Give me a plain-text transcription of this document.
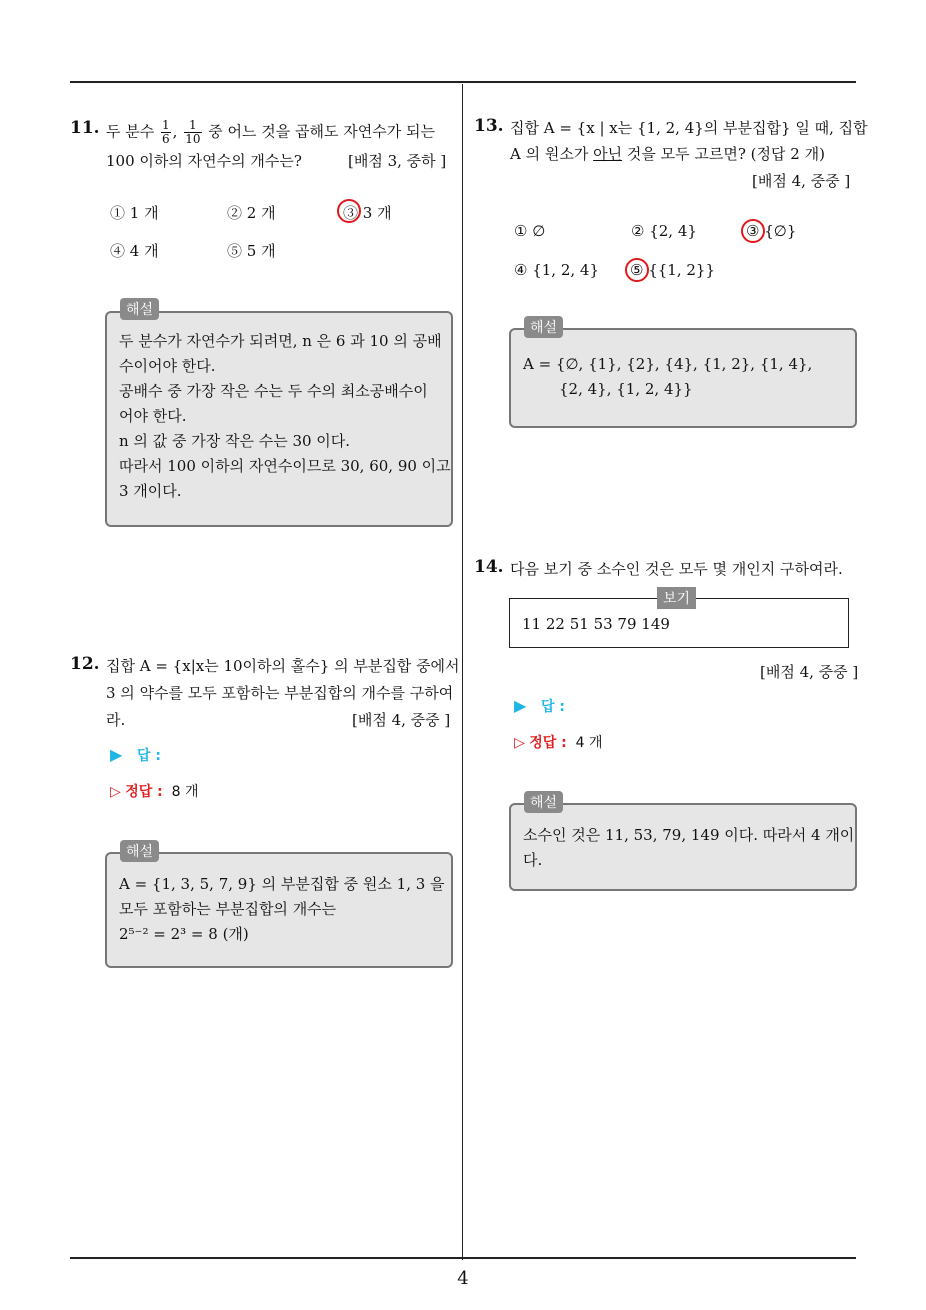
11. 두 분수 $\frac{1}{6}$ , $\frac{1}{10}$ 중 어느 것을 곱해도 자연수가 되는
100 이하의 자연수의 개수는?	[배점 3, 중하 ]
① 1 개	② 2 개	③ 3 개
④ 4 개	⑤ 5 개
두 분수가 자연수가 되려면, n 은 6 과 10 의 공배
수이어야 한다.
공배수 중 가장 작은 수는 두 수의 최소공배수이
어야 한다.
n 의 값 중 가장 작은 수는 30 이다.
따라서 100 이하의 자연수이므로 30, 60, 90 이고
3 개이다.
해설
12. 집합 A = {x|x는 10이하의 홀수} 의 부분집합 중에서
3 의 약수를 모두 포함하는 부분집합의 개수를 구하여
라.	[배점 4, 중중 ]
▶ 답 :
▷ 정답 : 8 개
A = {1, 3, 5, 7, 9} 의 부분집합 중 원소 1, 3 을
모두 포함하는 부분집합의 개수는
2⁵⁻² = 2³ = 8 (개)
해설
13. 집합 A = {x | x는 {1, 2, 4}의 부분집합} 일 때, 집합
A 의 원소가 아닌 것을 모두 고르면? (정답 2 개)
[배점 4, 중중 ]
① ∅	② {2, 4}	③ {∅}
④ {1, 2, 4} ⑤ {{1, 2}}
A = {∅, {1}, {2}, {4}, {1, 2}, {1, 4},
{2, 4}, {1, 2, 4}}
해설
14. 다음 보기 중 소수인 것은 모두 몇 개인지 구하여라.
11 22 51 53 79 149
보기
[배점 4, 중중 ]
▶ 답 :
▷ 정답 : 4 개
소수인 것은 11, 53, 79, 149 이다. 따라서 4 개이
다.
해설
4
